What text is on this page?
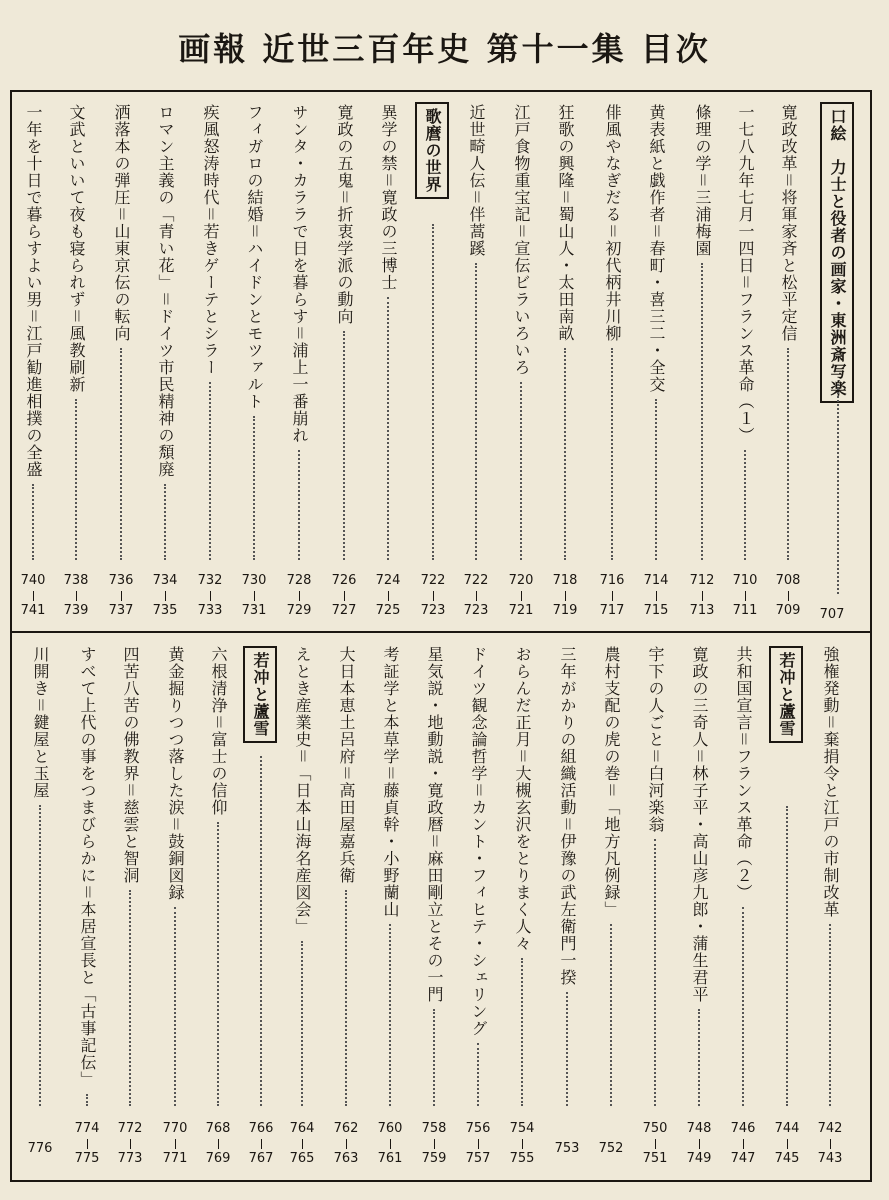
画報 近世三百年史 第十一集 目次
口絵　力士と役者の画家・東洲斎写楽
707
寛政改革＝将軍家斉と松平定信
708
709
一七八九年七月一四日＝フランス革命（１）
710
711
條理の学＝三浦梅園
712
713
黄表紙と戯作者＝春町・喜三二・全交
714
715
俳風やなぎだる＝初代柄井川柳
716
717
狂歌の興隆＝蜀山人・太田南畝
718
719
江戸食物重宝記＝宣伝ビラいろいろ
720
721
近世畸人伝＝伴蒿蹊
722
723
歌麿の世界
722
723
異学の禁＝寛政の三博士
724
725
寛政の五鬼＝折衷学派の動向
726
727
サンタ・カララで日を暮らす＝浦上一番崩れ
728
729
フィガロの結婚＝ハイドンとモツァルト
730
731
疾風怒涛時代＝若きゲーテとシラー
732
733
ロマン主義の「青い花」＝ドイツ市民精神の頽廃
734
735
洒落本の弾圧＝山東京伝の転向
736
737
文武といいて夜も寝られず＝風教刷新
738
739
一年を十日で暮らすよい男＝江戸勧進相撲の全盛
740
741
強権発動＝棄捐令と江戸の市制改革
742
743
若冲と蘆雪
744
745
共和国宣言＝フランス革命（２）
746
747
寛政の三奇人＝林子平・高山彦九郎・蒲生君平
748
749
宇下の人ごと＝白河楽翁
750
751
農村支配の虎の巻＝「地方凡例録」
752
三年がかりの組織活動＝伊豫の武左衛門一揆
753
おらんだ正月＝大槻玄沢をとりまく人々
754
755
ドイツ観念論哲学＝カント・フィヒテ・シェリング
756
757
星気説・地動説・寛政暦＝麻田剛立とその一門
758
759
考証学と本草学＝藤貞幹・小野蘭山
760
761
大日本恵土呂府＝高田屋嘉兵衛
762
763
えとき産業史＝「日本山海名産図会」
764
765
若冲と蘆雪
766
767
六根清浄＝富士の信仰
768
769
黄金掘りつつ落した涙＝鼓銅図録
770
771
四苦八苦の佛教界＝慈雲と智洞
772
773
すべて上代の事をつまびらかに＝本居宣長と「古事記伝」
774
775
川開き＝鍵屋と玉屋
776
